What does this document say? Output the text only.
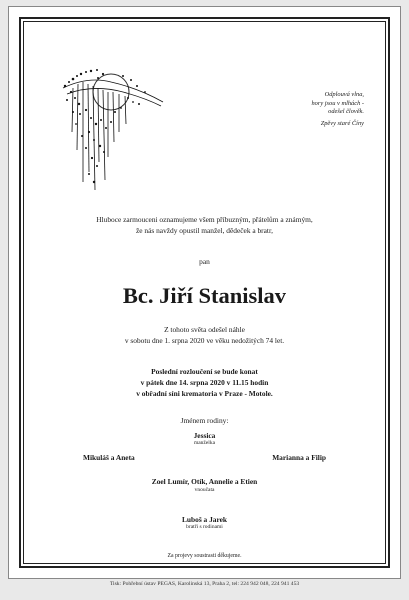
Odplouvá vlna,
hory jsou v mlhách -
odešel člověk.
Zpěvy staré Číny
Hluboce zarmouceni oznamujeme všem příbuzným, přátelům a známým,
že nás navždy opustil manžel, dědeček a bratr,
pan
Bc. Jiří Stanislav
Z tohoto světa odešel náhle
v sobotu dne 1. srpna 2020 ve věku nedožitých 74 let.
Poslední rozloučení se bude konat
v pátek dne 14. srpna 2020 v 11.15 hodin
v obřadní síni krematoria v Praze - Motole.
Jménem rodiny:
Jessica
manželka
Mikuláš a Aneta	Marianna a Filip
Zoel Lumír, Otík, Annelie a Etien
vnoučata
Luboš a Jarek
bratři s rodinami
Za projevy soustrasti děkujeme.
Tisk: Pohřební ústav PEGAS, Karolinská 13, Praha 2, tel: 224 942 048, 224 941 453
